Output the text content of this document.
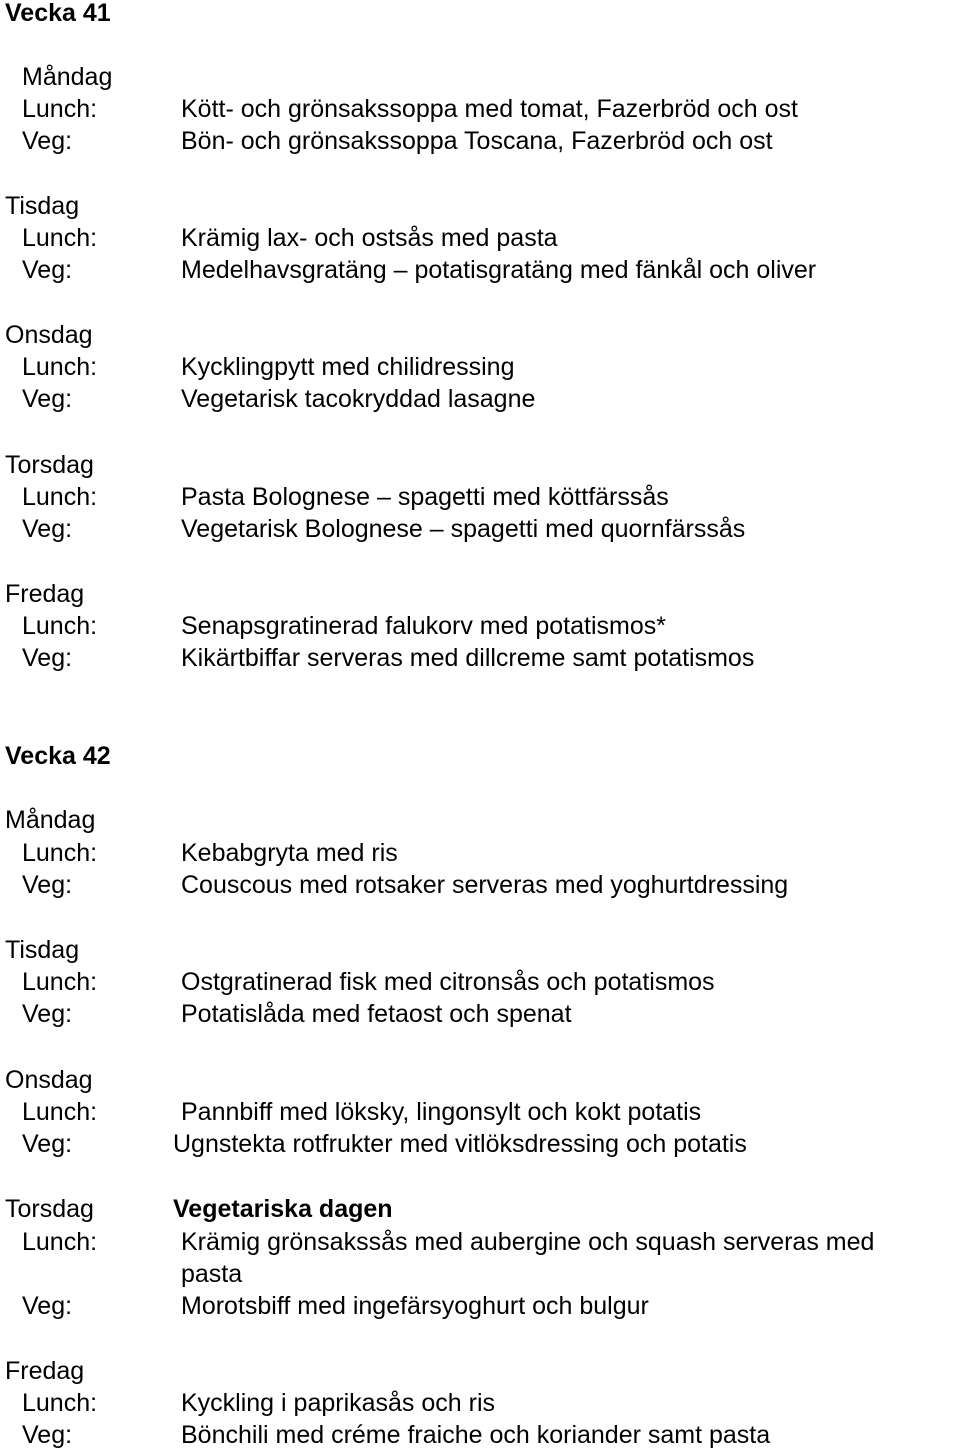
Vecka 41
Måndag
Lunch:	Kött- och grönsakssoppa med tomat, Fazerbröd och ost
Veg:	Bön- och grönsakssoppa Toscana, Fazerbröd och ost
Tisdag
Lunch:	Krämig lax- och ostsås med pasta
Veg:	Medelhavsgratäng – potatisgratäng med fänkål och oliver
Onsdag
Lunch:	Kycklingpytt med chilidressing
Veg:	Vegetarisk tacokryddad lasagne
Torsdag
Lunch:	Pasta Bolognese – spagetti med köttfärssås
Veg:	Vegetarisk Bolognese – spagetti med quornfärssås
Fredag
Lunch:	Senapsgratinerad falukorv med potatismos*
Veg:	Kikärtbiffar serveras med dillcreme samt potatismos
Vecka 42
Måndag
Lunch:	Kebabgryta med ris
Veg:	Couscous med rotsaker serveras med yoghurtdressing
Tisdag
Lunch:	Ostgratinerad fisk med citronsås och potatismos
Veg:	Potatislåda med fetaost och spenat
Onsdag
Lunch:	Pannbiff med löksky, lingonsylt och kokt potatis
Veg:	Ugnstekta rotfrukter med vitlöksdressing och potatis
Torsdag	Vegetariska dagen
Lunch:	Krämig grönsakssås med aubergine och squash serveras med
pasta
Veg:	Morotsbiff med ingefärsyoghurt och bulgur
Fredag
Lunch:	Kyckling i paprikasås och ris
Veg:	Bönchili med créme fraiche och koriander samt pasta
